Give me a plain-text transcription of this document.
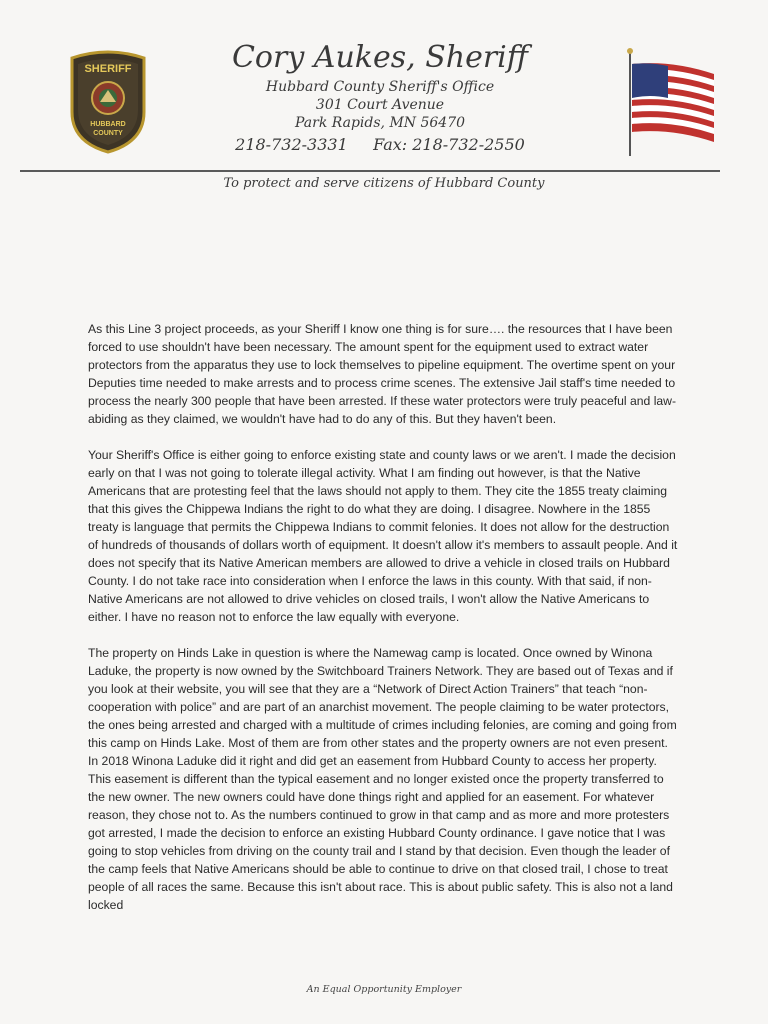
SHERIFF
HUBBARD
COUNTY
Cory Aukes, Sheriff
Hubbard County Sheriff's Office
301 Court Avenue
Park Rapids, MN 56470
218-732-3331     Fax: 218-732-2550
To protect and serve citizens of Hubbard County

As this Line 3 project proceeds, as your Sheriff I know one thing is for sure…. the resources that I have been forced to use shouldn't have been necessary. The amount spent for the equipment used to extract water protectors from the apparatus they use to lock themselves to pipeline equipment. The overtime spent on your Deputies time needed to make arrests and to process crime scenes. The extensive Jail staff's time needed to process the nearly 300 people that have been arrested. If these water protectors were truly peaceful and law-abiding as they claimed, we wouldn't have had to do any of this. But they haven't been.

Your Sheriff's Office is either going to enforce existing state and county laws or we aren't. I made the decision early on that I was not going to tolerate illegal activity. What I am finding out however, is that the Native Americans that are protesting feel that the laws should not apply to them. They cite the 1855 treaty claiming that this gives the Chippewa Indians the right to do what they are doing. I disagree. Nowhere in the 1855 treaty is language that permits the Chippewa Indians to commit felonies. It does not allow for the destruction of hundreds of thousands of dollars worth of equipment. It doesn't allow it's members to assault people. And it does not specify that its Native American members are allowed to drive a vehicle in closed trails on Hubbard County. I do not take race into consideration when I enforce the laws in this county. With that said, if non-Native Americans are not allowed to drive vehicles on closed trails, I won't allow the Native Americans to either. I have no reason not to enforce the law equally with everyone.

The property on Hinds Lake in question is where the Namewag camp is located. Once owned by Winona Laduke, the property is now owned by the Switchboard Trainers Network. They are based out of Texas and if you look at their website, you will see that they are a “Network of Direct Action Trainers” that teach “non-cooperation with police” and are part of an anarchist movement. The people claiming to be water protectors, the ones being arrested and charged with a multitude of crimes including felonies, are coming and going from this camp on Hinds Lake. Most of them are from other states and the property owners are not even present. In 2018 Winona Laduke did it right and did get an easement from Hubbard County to access her property. This easement is different than the typical easement and no longer existed once the property transferred to the new owner. The new owners could have done things right and applied for an easement. For whatever reason, they chose not to. As the numbers continued to grow in that camp and as more and more protesters got arrested, I made the decision to enforce an existing Hubbard County ordinance. I gave notice that I was going to stop vehicles from driving on the county trail and I stand by that decision. Even though the leader of the camp feels that Native Americans should be able to continue to drive on that closed trail, I chose to treat people of all races the same. Because this isn't about race. This is about public safety. This is also not a land locked

An Equal Opportunity Employer
